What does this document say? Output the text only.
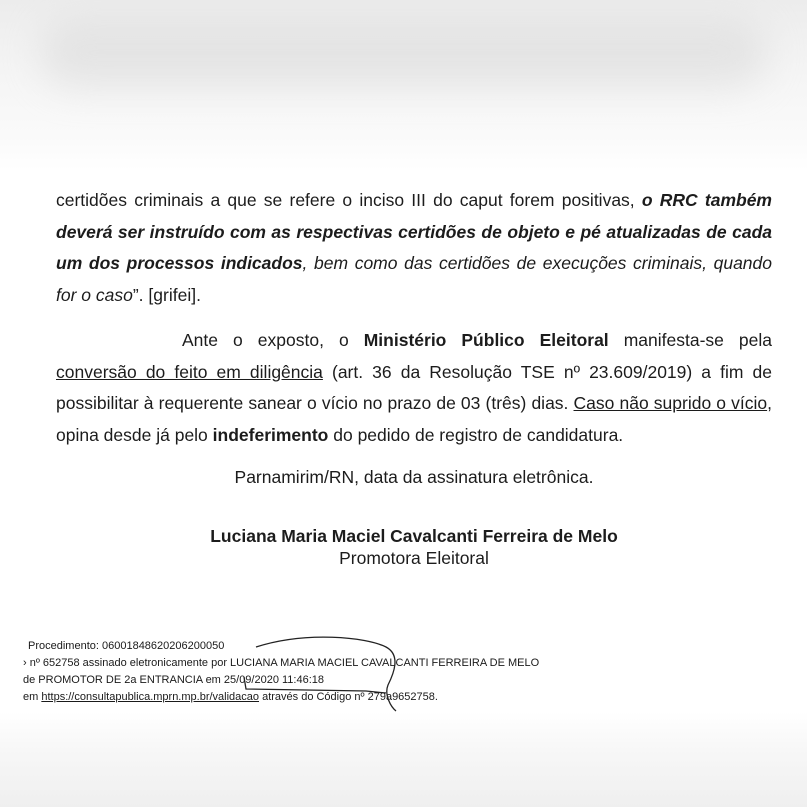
certidões criminais a que se refere o inciso III do caput forem positivas, o RRC também deverá ser instruído com as respectivas certidões de objeto e pé atualizadas de cada um dos processos indicados, bem como das certidões de execuções criminais, quando for o caso”. [grifei].
Ante o exposto, o Ministério Público Eleitoral manifesta-se pela conversão do feito em diligência (art. 36 da Resolução TSE nº 23.609/2019) a fim de possibilitar à requerente sanear o vício no prazo de 03 (três) dias. Caso não suprido o vício, opina desde já pelo indeferimento do pedido de registro de candidatura.
Parnamirim/RN, data da assinatura eletrônica.
Luciana Maria Maciel Cavalcanti Ferreira de Melo
Promotora Eleitoral
Procedimento: 06001848620206200050
› nº 652758 assinado eletronicamente por LUCIANA MARIA MACIEL CAVALCANTI FERREIRA DE MELO
de PROMOTOR DE 2a ENTRANCIA em 25/09/2020 11:46:18
em https://consultapublica.mprn.mp.br/validacao através do Código nº 279a9652758.
